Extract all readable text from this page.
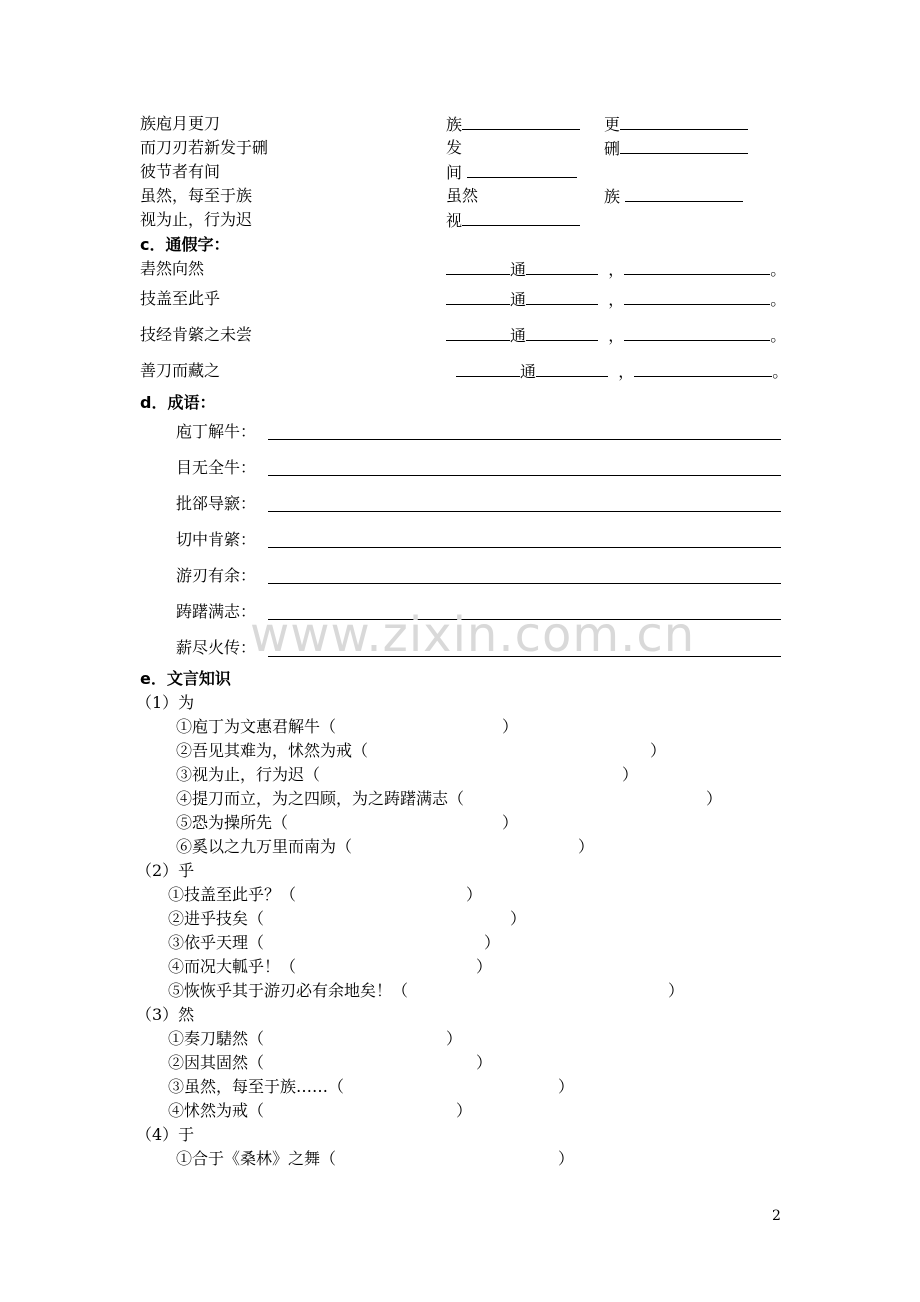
族庖月更刀	族	更
而刀刃若新发于硎	发	硎
彼节者有间	间
虽然，每至于族	虽然	族
视为止，行为迟	视
c．通假字：
砉然向然	通	，	。
技盖至此乎	通	，	。
技经肯綮之未尝	通	，	。
善刀而藏之	通	，	。
d．成语：
庖丁解牛：
目无全牛：
批郤导窾：
切中肯綮：
游刃有余：
踌躇满志：
薪尽火传：
www.zixin.com.cn
e．文言知识
（1）为
①庖丁为文惠君解牛（	）
②吾见其难为，怵然为戒（	）
③视为止，行为迟（	）
④提刀而立，为之四顾，为之踌躇满志（	）
⑤恐为操所先（	）
⑥奚以之九万里而南为（	）
（2）乎
①技盖至此乎？（	）
②进乎技矣（	）
③依乎天理（	）
④而况大軱乎！（	）
⑤恢恢乎其于游刃必有余地矣！（	）
（3）然
①奏刀騞然（	）
②因其固然（	）
③虽然，每至于族……（	）
④怵然为戒（	）
（4）于
①合于《桑林》之舞（	）
2
